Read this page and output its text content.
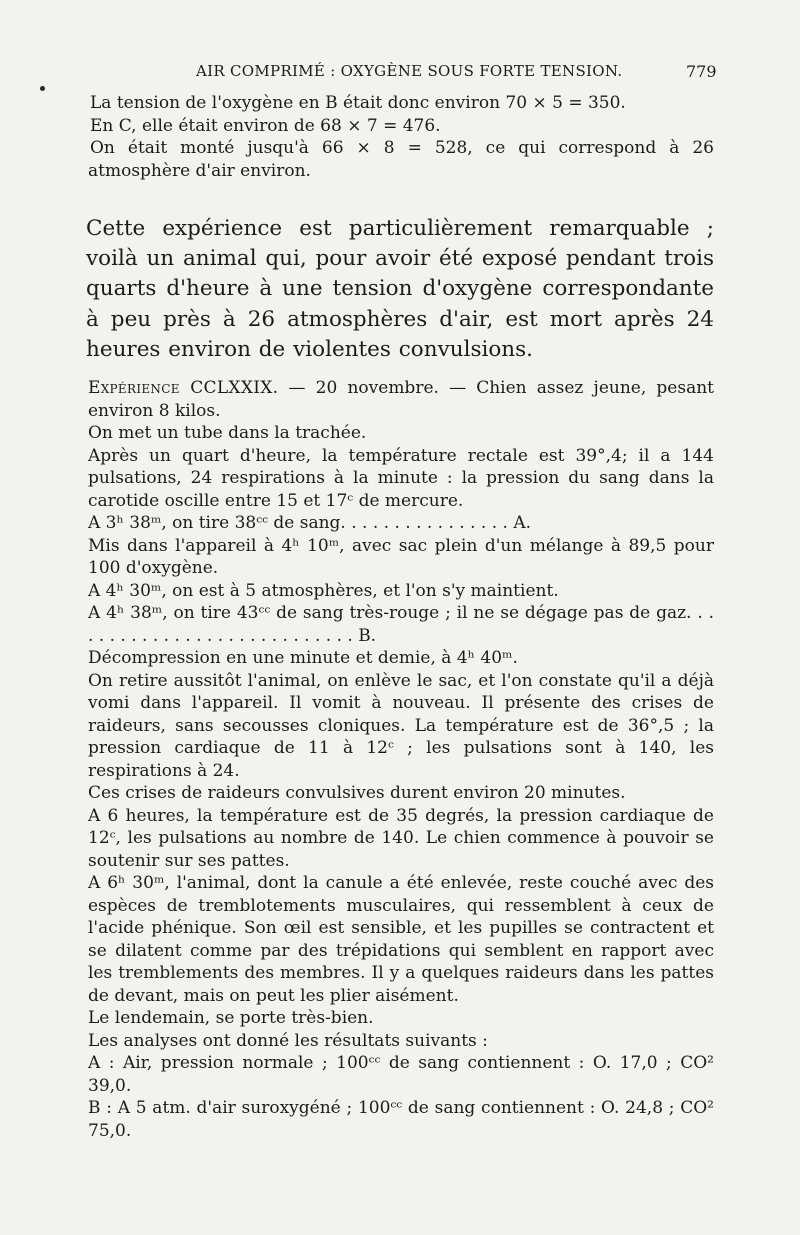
AIR COMPRIMÉ : OXYGÈNE SOUS FORTE TENSION.	779

La tension de l'oxygène en B était donc environ 70 × 5 = 350.

En C, elle était environ de 68 × 7 = 476.

On était monté jusqu'à 66 × 8 = 528, ce qui correspond à 26 atmosphère d'air environ.

Cette expérience est particulièrement remarquable ; voilà un animal qui, pour avoir été exposé pendant trois quarts d'heure à une tension d'oxygène correspondante à peu près à 26 atmosphères d'air, est mort après 24 heures environ de violentes convulsions.

Expérience CCLXXIX. — 20 novembre. — Chien assez jeune, pesant environ 8 kilos.

On met un tube dans la trachée.

Après un quart d'heure, la température rectale est 39°,4; il a 144 pulsations, 24 respirations à la minute : la pression du sang dans la carotide oscille entre 15 et 17ᶜ de mercure.

A 3ʰ 38ᵐ, on tire 38ᶜᶜ de sang. . . . . . . . . . . . . . . . A.

Mis dans l'appareil à 4ʰ 10ᵐ, avec sac plein d'un mélange à 89,5 pour 100 d'oxygène.

A 4ʰ 30ᵐ, on est à 5 atmosphères, et l'on s'y maintient.

A 4ʰ 38ᵐ, on tire 43ᶜᶜ de sang très-rouge ; il ne se dégage pas de gaz. . . . . . . . . . . . . . . . . . . . . . . . . . . . B.

Décompression en une minute et demie, à 4ʰ 40ᵐ.

On retire aussitôt l'animal, on enlève le sac, et l'on constate qu'il a déjà vomi dans l'appareil. Il vomit à nouveau. Il présente des crises de raideurs, sans secousses cloniques. La température est de 36°,5 ; la pression cardiaque de 11 à 12ᶜ ; les pulsations sont à 140, les respirations à 24.

Ces crises de raideurs convulsives durent environ 20 minutes.

A 6 heures, la température est de 35 degrés, la pression cardiaque de 12ᶜ, les pulsations au nombre de 140. Le chien commence à pouvoir se soutenir sur ses pattes.

A 6ʰ 30ᵐ, l'animal, dont la canule a été enlevée, reste couché avec des espèces de tremblotements musculaires, qui ressemblent à ceux de l'acide phénique. Son œil est sensible, et les pupilles se contractent et se dilatent comme par des trépidations qui semblent en rapport avec les tremblements des membres. Il y a quelques raideurs dans les pattes de devant, mais on peut les plier aisément.

Le lendemain, se porte très-bien.

Les analyses ont donné les résultats suivants :

A : Air, pression normale ; 100ᶜᶜ de sang contiennent : O. 17,0 ; CO² 39,0.

B : A 5 atm. d'air suroxygéné ; 100ᶜᶜ de sang contiennent : O. 24,8 ; CO² 75,0.
